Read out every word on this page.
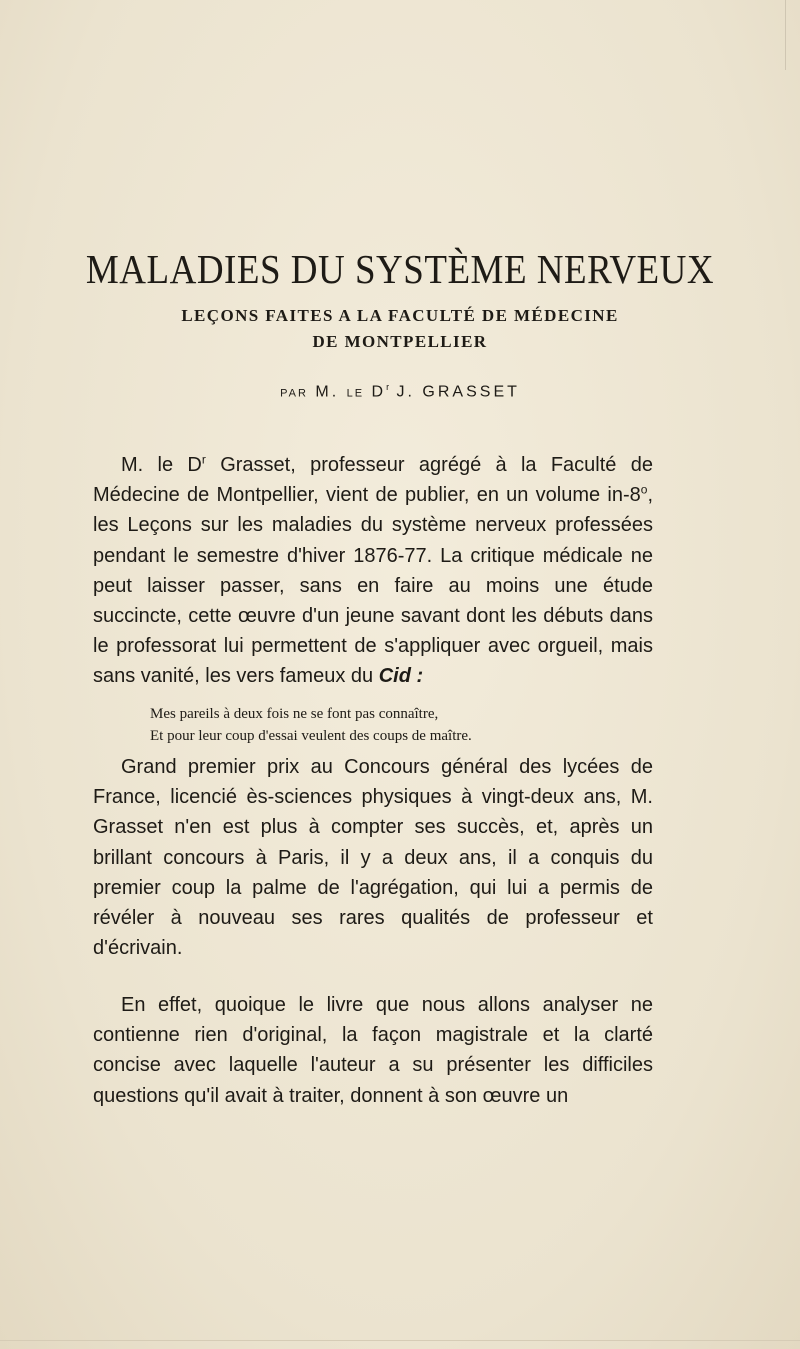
MALADIES DU SYSTÈME NERVEUX
LEÇONS FAITES A LA FACULTÉ DE MÉDECINE
DE MONTPELLIER
PAR M. LE $D^r$ J. GRASSET
M. le $D^r$ Grasset, professeur agrégé à la Faculté de Médecine de Montpellier, vient de publier, en un volume in-8$^o$, les Leçons sur les maladies du système nerveux professées pendant le semestre d'hiver 1876-77. La critique médicale ne peut laisser passer, sans en faire au moins une étude succincte, cette œuvre d'un jeune savant dont les débuts dans le professorat lui permettent de s'appliquer avec orgueil, mais sans vanité, les vers fameux du Cid :
Mes pareils à deux fois ne se font pas connaître,
Et pour leur coup d'essai veulent des coups de maître.
Grand premier prix au Concours général des lycées de France, licencié ès-sciences physiques à vingt-deux ans, M. Grasset n'en est plus à compter ses succès, et, après un brillant concours à Paris, il y a deux ans, il a conquis du premier coup la palme de l'agrégation, qui lui a permis de révéler à nouveau ses rares qualités de professeur et d'écrivain.
En effet, quoique le livre que nous allons analyser ne contienne rien d'original, la façon magistrale et la clarté concise avec laquelle l'auteur a su présenter les difficiles questions qu'il avait à traiter, donnent à son œuvre un
